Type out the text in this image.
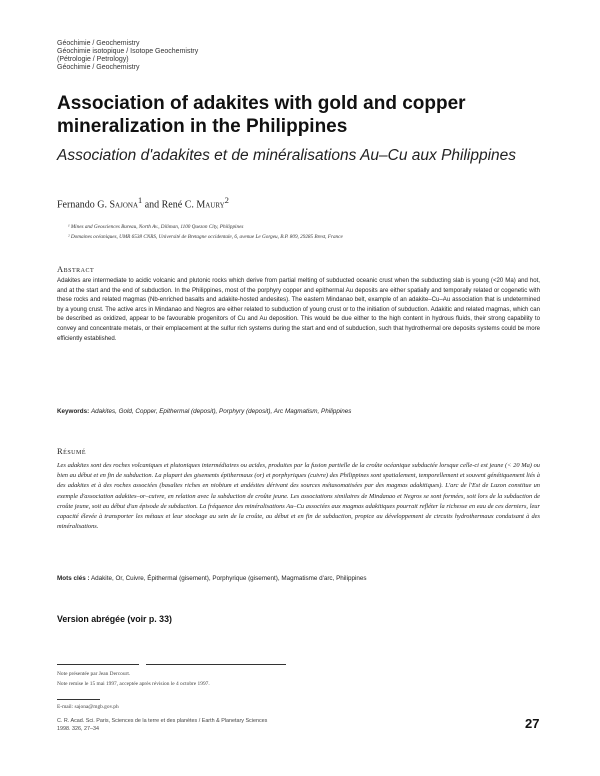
Géochimie / Geochemistry
Géochimie isotopique / Isotope Geochemistry
(Pétrologie / Petrology)
Géochimie / Geochemistry
Association of adakites with gold and copper mineralization in the Philippines
Association d'adakites et de minéralisations Au–Cu aux Philippines
Fernando G. Sajona$^1$ and René C. Maury$^2$
¹ Mines and Geosciences Bureau, North Av., Diliman, 1100 Quezon City, Philippines
² Domaines océaniques, UMR 6538 CNRS, Université de Bretagne occidentale, 6, avenue Le Gorgeu, B.P. 809, 29285 Brest, France
Abstract
Adakites are intermediate to acidic volcanic and plutonic rocks which derive from partial melting of subducted oceanic crust when the subducting slab is young (<20 Ma) and hot, and at the start and the end of subduction. In the Philippines, most of the porphyry copper and epithermal Au deposits are either spatially and temporally related or cogenetic with these rocks and related magmas (Nb-enriched basalts and adakite-hosted andesites). The eastern Mindanao belt, example of an adakite–Cu–Au association that is undetermined by a young crust. The active arcs in Mindanao and Negros are either related to subduction of young crust or to the initiation of subduction. Adakitic and related magmas, which can be described as oxidized, appear to be favourable progenitors of Cu and Au deposition. This would be due either to the high content in hydrous fluids, their strong capability to convey and concentrate metals, or their emplacement at the sulfur rich systems during the start and end of subduction, such that hydrothermal ore deposits systems could be more efficiently established.
Keywords: Adakites, Gold, Copper, Epithermal (deposit), Porphyry (deposit), Arc Magmatism, Philippines
Résumé
Les adakites sont des roches volcaniques et plutoniques intermédiaires ou acides, produites par la fusion partielle de la croûte océanique subductée lorsque celle-ci est jeune (< 20 Ma) ou bien au début et en fin de subduction. La plupart des gisements épithermaux (or) et porphyriques (cuivre) des Philippines sont spatialement, temporellement et souvent génétiquement liés à des adakites et à des roches associées (basaltes riches en niobium et andésites dérivant des sources métasomatisées par des magmas adakitiques). L'arc de l'Est de Luzon constitue un exemple d'association adakites–or–cuivre, en relation avec la subduction de croûte jeune. Les associations similaires de Mindanao et Negros se sont formées, soit lors de la subduction de croûte jeune, soit au début d'un épisode de subduction. La fréquence des minéralisations Au–Cu associées aux magmas adakitiques pourrait refléter la richesse en eau de ces derniers, leur capacité élevée à transporter les métaux et leur stockage au sein de la croûte, au début et en fin de subduction, propice au développement de circuits hydrothermaux conduisant à des minéralisations.
Mots clés : Adakite, Or, Cuivre, Épithermal (gisement), Porphyrique (gisement), Magmatisme d'arc, Philippines
Version abrégée (voir p. 33)
Note présentée par Jean Dercourt.
Note remise le 15 mai 1997, acceptée après révision le 4 octobre 1997.
E-mail: sajona@mgb.gov.ph
C. R. Acad. Sci. Paris, Sciences de la terre et des planètes / Earth & Planetary Sciences
1998. 326, 27–34	27
